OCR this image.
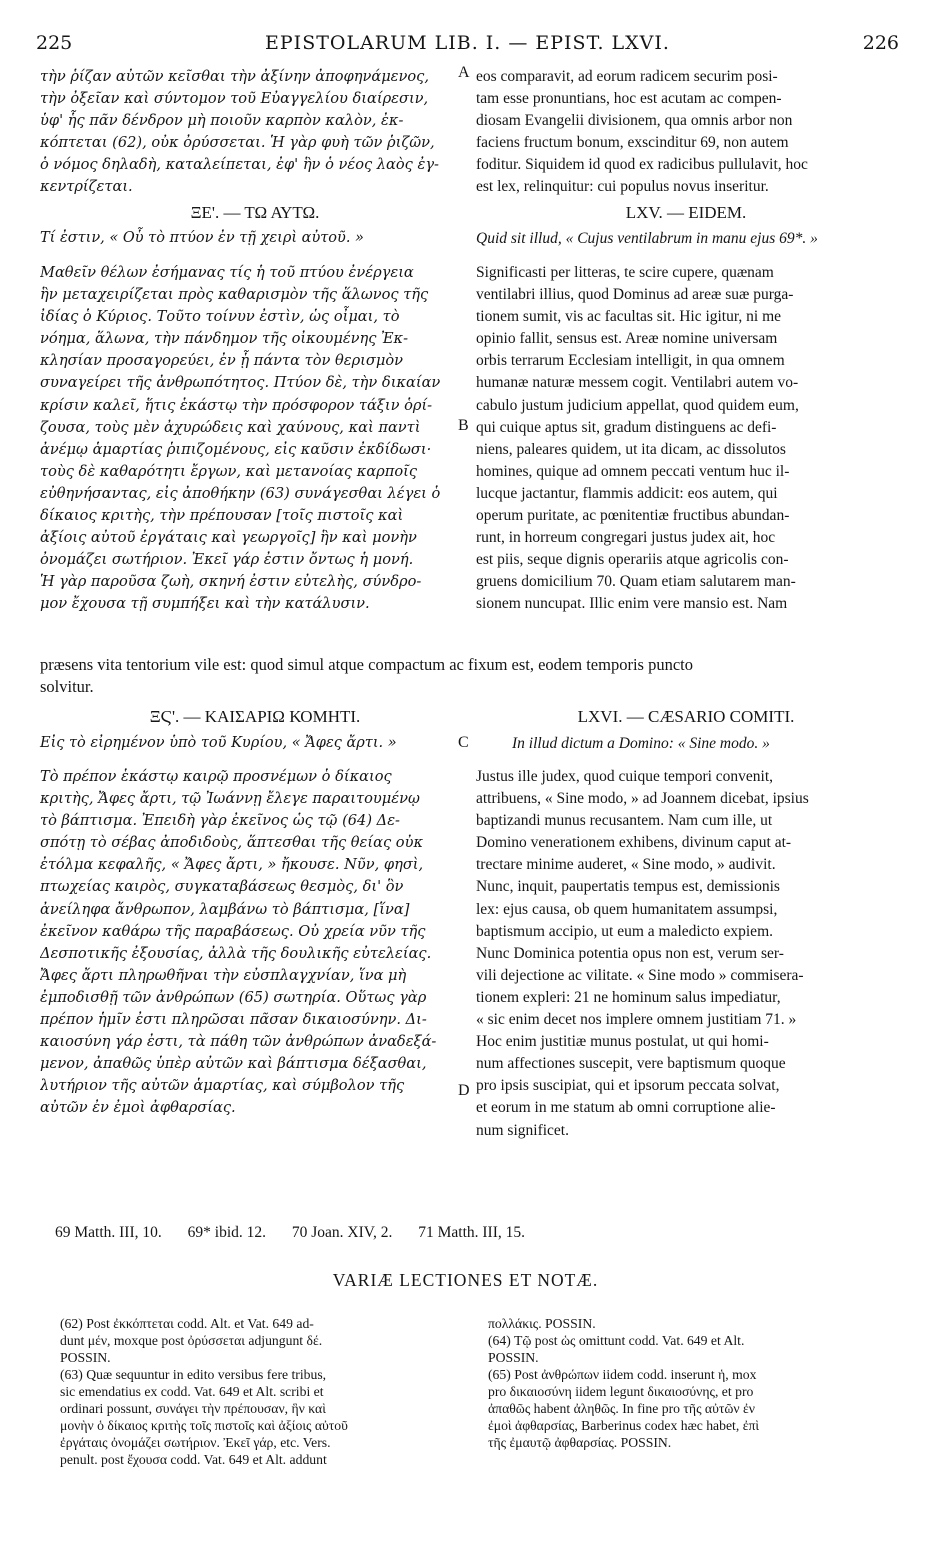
225	EPISTOLARUM LIB. I. — EPIST. LXVI.	226
τὴν ῥίζαν αὐτῶν κεῖσθαι τὴν ἀξίνην ἀποφηνάμενος,
τὴν ὀξεῖαν καὶ σύντομον τοῦ Εὐαγγελίου διαίρεσιν,
ὑφ' ἧς πᾶν δένδρον μὴ ποιοῦν καρπὸν καλὸν, ἐκ-
κόπτεται (62), οὐκ ὀρύσσεται. Ἡ γὰρ φυὴ τῶν ῥιζῶν,
ὁ νόμος δηλαδὴ, καταλείπεται, ἐφ' ἣν ὁ νέος λαὸς ἐγ-
κεντρίζεται.
A eos comparavit, ad eorum radicem securim posi-
tam esse pronuntians, hoc est acutam ac compen-
diosam Evangelii divisionem, qua omnis arbor non
faciens fructum bonum, exscinditur 69, non autem
foditur. Siquidem id quod ex radicibus pullulavit, hoc
est lex, relinquitur: cui populus novus inseritur.
ΞΕ'. — ΤΩ ΑΥΤΩ.	LXV. — EIDEM.
Τί ἐστιν, « Οὗ τὸ πτύον ἐν τῇ χειρὶ αὐτοῦ. »	Quid sit illud, « Cujus ventilabrum in manu ejus 69*. »
Μαθεῖν θέλων ἐσήμανας τίς ἡ τοῦ πτύου ἐνέργεια
ἣν μεταχειρίζεται πρὸς καθαρισμὸν τῆς ἅλωνος τῆς
ἰδίας ὁ Κύριος. Τοῦτο τοίνυν ἐστὶν, ὡς οἶμαι, τὸ
νόημα, ἅλωνα, τὴν πάνδημον τῆς οἰκουμένης Ἐκ-
κλησίαν προσαγορεύει, ἐν ᾗ πάντα τὸν θερισμὸν
συναγείρει τῆς ἀνθρωπότητος. Πτύον δὲ, τὴν δικαίαν
κρίσιν καλεῖ, ἥτις ἑκάστῳ τὴν πρόσφορον τάξιν ὁρί-
ζουσα, τοὺς μὲν ἀχυρώδεις καὶ χαύνους, καὶ παντὶ
ἀνέμῳ ἁμαρτίας ῥιπιζομένους, εἰς καῦσιν ἐκδίδωσι·
τοὺς δὲ καθαρότητι ἔργων, καὶ μετανοίας καρποῖς
εὐθηνήσαντας, εἰς ἀποθήκην (63) συνάγεσθαι λέγει ὁ
δίκαιος κριτὴς, τὴν πρέπουσαν [τοῖς πιστοῖς καὶ
ἀξίοις αὐτοῦ ἐργάταις καὶ γεωργοῖς] ἣν καὶ μονὴν
ὀνομάζει σωτήριον. Ἐκεῖ γάρ ἐστιν ὄντως ἡ μονή.
Ἡ γὰρ παροῦσα ζωὴ, σκηνή ἐστιν εὐτελὴς, σύνδρο-
μον ἔχουσα τῇ συμπήξει καὶ τὴν κατάλυσιν.
B
Significasti per litteras, te scire cupere, quænam
ventilabri illius, quod Dominus ad areæ suæ purga-
tionem sumit, vis ac facultas sit. Hic igitur, ni me
opinio fallit, sensus est. Areæ nomine universam
orbis terrarum Ecclesiam intelligit, in qua omnem
humanæ naturæ messem cogit. Ventilabri autem vo-
cabulo justum judicium appellat, quod quidem eum,
qui cuique aptus sit, gradum distinguens ac defi-
niens, paleares quidem, ut ita dicam, ac dissolutos
homines, quique ad omnem peccati ventum huc il-
lucque jactantur, flammis addicit: eos autem, qui
operum puritate, ac pœnitentiæ fructibus abundan-
runt, in horreum congregari justus judex ait, hoc
est piis, seque dignis operariis atque agricolis con-
gruens domicilium 70. Quam etiam salutarem man-
sionem nuncupat. Illic enim vere mansio est. Nam
præsens vita tentorium vile est: quod simul atque compactum ac fixum est, eodem temporis puncto
solvitur.
ΞϚ'. — ΚΑΙΣΑΡΙΩ ΚΟΜΗΤΙ.	LXVI. — CÆSARIO COMITI.
Εἰς τὸ εἰρημένον ὑπὸ τοῦ Κυρίου, « Ἄφες ἄρτι. »	C	In illud dictum a Domino: « Sine modo. »
Τὸ πρέπον ἑκάστῳ καιρῷ προσνέμων ὁ δίκαιος
κριτὴς, Ἄφες ἄρτι, τῷ Ἰωάννῃ ἔλεγε παραιτουμένῳ
τὸ βάπτισμα. Ἐπειδὴ γὰρ ἐκεῖνος ὡς τῷ (64) Δε-
σπότῃ τὸ σέβας ἀποδιδοὺς, ἅπτεσθαι τῆς θείας οὐκ
ἐτόλμα κεφαλῆς, « Ἄφες ἄρτι, » ἤκουσε. Νῦν, φησὶ,
πτωχείας καιρὸς, συγκαταβάσεως θεσμὸς, δι' ὃν
ἀνείληφα ἄνθρωπον, λαμβάνω τὸ βάπτισμα, [ἵνα]
ἐκεῖνον καθάρω τῆς παραβάσεως. Οὐ χρεία νῦν τῆς
Δεσποτικῆς ἐξουσίας, ἀλλὰ τῆς δουλικῆς εὐτελείας.
Ἄφες ἄρτι πληρωθῆναι τὴν εὐσπλαγχνίαν, ἵνα μὴ
ἐμποδισθῇ τῶν ἀνθρώπων (65) σωτηρία. Οὕτως γὰρ
πρέπον ἡμῖν ἐστι πληρῶσαι πᾶσαν δικαιοσύνην. Δι-
καιοσύνη γάρ ἐστι, τὰ πάθη τῶν ἀνθρώπων ἀναδεξά-
μενον, ἀπαθῶς ὑπὲρ αὐτῶν καὶ βάπτισμα δέξασθαι,
λυτήριον τῆς αὐτῶν ἁμαρτίας, καὶ σύμβολον τῆς
αὐτῶν ἐν ἐμοὶ ἀφθαρσίας.
D
Justus ille judex, quod cuique tempori convenit,
attribuens, « Sine modo, » ad Joannem dicebat, ipsius
baptizandi munus recusantem. Nam cum ille, ut
Domino venerationem exhibens, divinum caput at-
trectare minime auderet, « Sine modo, » audivit.
Nunc, inquit, paupertatis tempus est, demissionis
lex: ejus causa, ob quem humanitatem assumpsi,
baptismum accipio, ut eum a maledicto expiem.
Nunc Dominica potentia opus non est, verum ser-
vili dejectione ac vilitate. « Sine modo » commisera-
tionem expleri: 21 ne hominum salus impediatur,
« sic enim decet nos implere omnem justitiam 71. »
Hoc enim justitiæ munus postulat, ut qui homi-
num affectiones suscepit, vere baptismum quoque
pro ipsis suscipiat, qui et ipsorum peccata solvat,
et eorum in me statum ab omni corruptione alie-
num significet.
69 Matth. III, 10. 69* ibid. 12. 70 Joan. XIV, 2. 71 Matth. III, 15.
VARIÆ LECTIONES ET NOTÆ.
(62) Post ἐκκόπτεται codd. Alt. et Vat. 649 ad-
dunt μέν, moxque post ὀρύσσεται adjungunt δέ.
POSSIN.
(63) Quæ sequuntur in edito versibus fere tribus,
sic emendatius ex codd. Vat. 649 et Alt. scribi et
ordinari possunt, συνάγει τὴν πρέπουσαν, ἣν καὶ
μονὴν ὁ δίκαιος κριτὴς τοῖς πιστοῖς καὶ ἀξίοις αὐτοῦ
ἐργάταις ὀνομάζει σωτήριον. Ἐκεῖ γάρ, etc. Vers.
penult. post ἔχουσα codd. Vat. 649 et Alt. addunt
πολλάκις. POSSIN.
(64) Τῷ post ὡς omittunt codd. Vat. 649 et Alt.
POSSIN.
(65) Post ἀνθρώπων iidem codd. inserunt ἡ, mox
pro δικαιοσύνη iidem legunt δικαιοσύνης, et pro
ἀπαθῶς habent ἀληθῶς. In fine pro τῆς αὐτῶν ἐν
ἐμοὶ ἀφθαρσίας, Barberinus codex hæc habet, ἐπὶ
τῆς ἐμαυτῷ ἀφθαρσίας. POSSIN.
